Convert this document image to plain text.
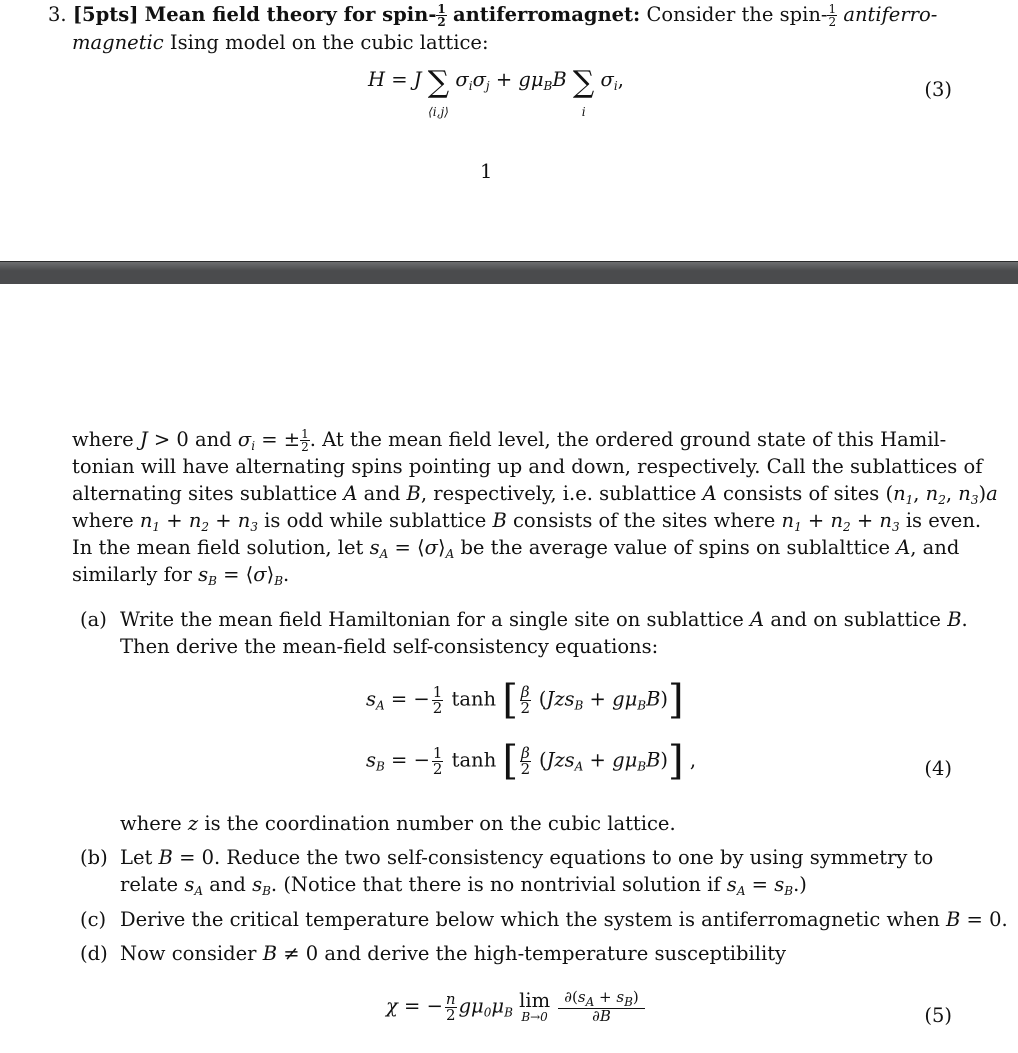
3. [5pts] Mean field theory for spin- $\frac{1}{2}$ antiferromagnet: Consider the spin- $\frac{1}{2}$ antiferro-
magnetic Ising model on the cubic lattice:
H = J ∑
⟨i,j⟩ $\sigma_i\sigma_j + g\mu_BB$ ∑
i $\sigma_i$,	(3)
1
where J > 0 and $\sigma_i$ = ± $\frac{1}{2}$ . At the mean field level, the ordered ground state of this Hamil-
tonian will have alternating spins pointing up and down, respectively. Call the sublattices of
alternating sites sublattice A and B, respectively, i.e. sublattice A consists of sites ($n_1$, $n_2$, $n_3)a$
where $n_1 + n_2 + n_3$ is odd while sublattice B consists of the sites where $n_1 + n_2 + n_3$ is even.
In the mean field solution, let $s_A$ = $⟨\sigma⟩_A$ be the average value of spins on sublalttice A, and
similarly for $s_B$ = $⟨\sigma⟩_B$.
(a) Write the mean field Hamiltonian for a single site on sublattice A and on sublattice B.
Then derive the mean-field self-consistency equations:
$s_A$ = − $\frac{1}{2}$ tanh [ $\frac{\beta}{2} (Jzs_B + g\mu_BB)$]
$s_B$ = − $\frac{1}{2}$ tanh [ $\frac{\beta}{2} (Jzs_A + g\mu_BB)$] ,	(4)
where z is the coordination number on the cubic lattice.
(b) Let B = 0. Reduce the two self-consistency equations to one by using symmetry to
relate $s_A$ and $s_B$. (Notice that there is no nontrivial solution if $s_A = s_B$.)
(c) Derive the critical temperature below which the system is antiferromagnetic when B = 0.
(d) Now consider B ≠ 0 and derive the high-temperature susceptibility
χ = − $\frac{n}{2} g\mu_0\mu_B$
lim
B→0
$\frac{\partial(s_A + s_B)}{\partial B}$	(5)
